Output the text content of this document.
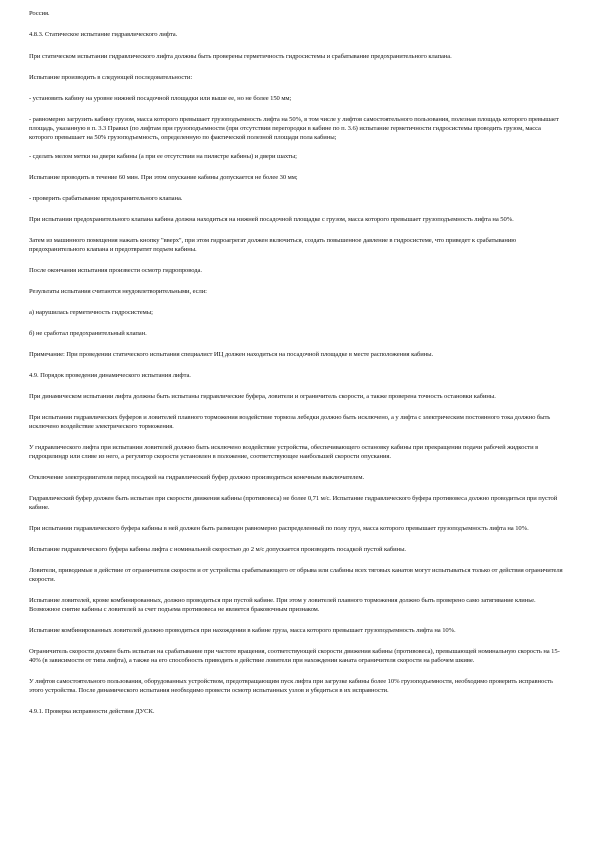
Россия.

4.8.3. Статическое испытание гидравлического лифта.

При статическом испытании гидравлического лифта должны быть проверены герметичность гидросистемы и срабатывание предохранительного клапана.

Испытание производить в следующей последовательности:

- установить кабину на уровне нижней посадочной площадки или выше ее, но не более 150 мм;

- равномерно загрузить кабину грузом, масса которого превышает грузоподъемность лифта на 50%, в том числе у лифтов самостоятельного пользования, полезная площадь которого превышает площадь, указанную в п. 3.3 Правил (по лифтам при грузоподъемности (при отсутствии перегородки в кабине по п. 3.6) испытание герметичности гидросистемы проводить грузом, масса которого превышает на 50% грузоподъемность, определенную по фактической полезной площади пола кабины;

- сделать мелом метки на двери кабины (а при ее отсутствии на пилястре кабины) и двери шахты;

Испытание проводить в течение 60 мин. При этом опускание кабины допускается не более 30 мм;

- проверить срабатывание предохранительного клапана.

При испытании предохранительного клапана кабина должна находиться на нижней посадочной площадке с грузом, масса которого превышает грузоподъемность лифта на 50%.

Затем из машинного помещения нажать кнопку "вверх", при этом гидроагрегат должен включиться, создать повышенное давление в гидросистеме, что приведет к срабатыванию предохранительного клапана и предотвратит подъем кабины.

После окончания испытания произвести осмотр гидропровода.

Результаты испытания считаются неудовлетворительными, если:

а) нарушилась герметичность гидросистемы;

б) не сработал предохранительный клапан.

Примечание: При проведении статического испытания специалист ИЦ должен находиться на посадочной площадке в месте расположения кабины.

4.9. Порядок проведения динамического испытания лифта.

При динамическом испытании лифта должны быть испытаны гидравлические буфера, ловители и ограничитель скорости, а также проверена точность остановки кабины.

При испытании гидравлических буферов и ловителей плавного торможения воздействие тормоза лебедки должно быть исключено, а у лифта с электрическим постоянного тока должно быть исключено воздействие электрического торможения.

У гидравлического лифта при испытании ловителей должно быть исключено воздействие устройства, обеспечивающего остановку кабины при прекращении подачи рабочей жидкости в гидроцилиндр или сливе из него, а регулятор скорости установлен в положение, соответствующее наибольшей скорости опускания.

Отключение электродвигателя перед посадкой на гидравлический буфер должно производиться конечным выключателем.

Гидравлический буфер должен быть испытан при скорости движения кабины (противовеса) не более 0,71 м/с. Испытание гидравлического буфера противовеса должно проводиться при пустой кабине.

При испытании гидравлического буфера кабины в ней должен быть размещен равномерно распределенный по полу груз, масса которого превышает грузоподъемность лифта на 10%.

Испытание гидравлического буфера кабины лифта с номинальной скоростью до 2 м/с допускается производить посадкой пустой кабины.

Ловители, приводимые в действие от ограничителя скорости и от устройства срабатывающего от обрыва или слабины всех тяговых канатов могут испытываться только от действия ограничителя скорости.

Испытание ловителей, кроме комбинированных, должно проводиться при пустой кабине. При этом у ловителей плавного торможения должно быть проверено само затягивание клинье. Возможное снятие кабины с ловителей за счет подъема противовеса не является браковочным признаком.

Испытание комбинированных ловителей должно проводиться при нахождении в кабине груза, масса которого превышает грузоподъемность лифта на 10%.

Ограничитель скорости должен быть испытан на срабатывание при частоте вращения, соответствующей скорости движения кабины (противовеса), превышающей номинальную скорость на 15-40% (в зависимости от типа лифта), а также на его способность приводить в действие ловители при нахождении каната ограничителя скорости на рабочем шкиве.

У лифтов самостоятельного пользования, оборудованных устройством, предотвращающим пуск лифта при загрузке кабины более 10% грузоподъемности, необходимо проверить исправность этого устройства. После динамического испытания необходимо провести осмотр испытанных узлов и убедиться в их исправности.

4.9.1. Проверка исправности действия ДУСК.
